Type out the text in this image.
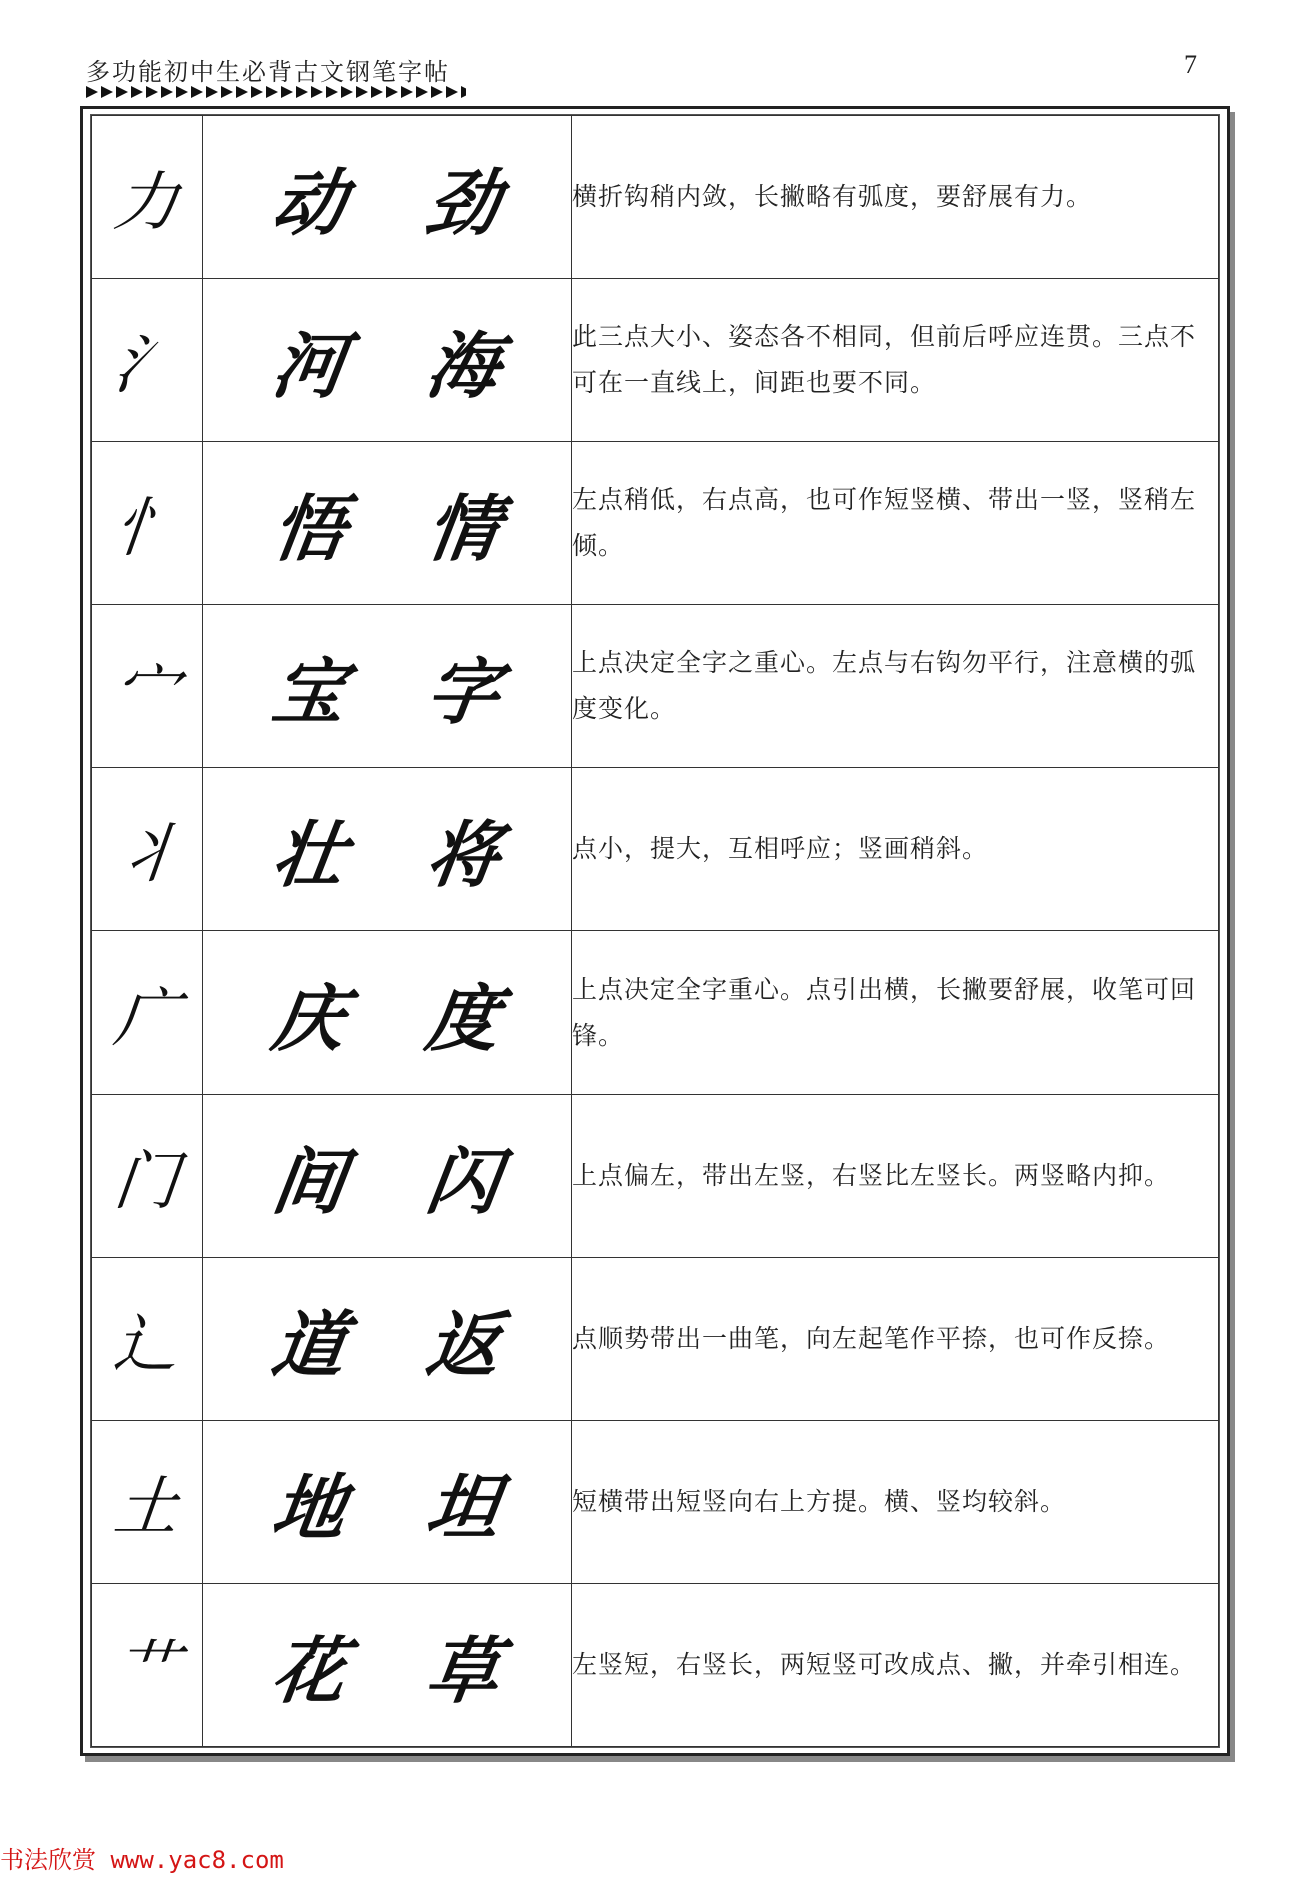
多功能初中生必背古文钢笔字帖	7
力	动 劲	横折钩稍内敛，长撇略有弧度，要舒展有力。

氵	河 海	此三点大小、姿态各不相同，但前后呼应连贯。三点不可在一直线上，间距也要不同。

忄	悟 情	左点稍低，右点高，也可作短竖横、带出一竖，竖稍左倾。

宀	宝 字	上点决定全字之重心。左点与右钩勿平行，注意横的弧度变化。

丬	壮 将	点小，提大，互相呼应；竖画稍斜。

广	庆 度	上点决定全字重心。点引出横，长撇要舒展，收笔可回锋。

门	间 闪	上点偏左，带出左竖，右竖比左竖长。两竖略内抑。

辶	道 返	点顺势带出一曲笔，向左起笔作平捺，也可作反捺。

土	地 坦	短横带出短竖向右上方提。横、竖均较斜。

艹	花 草	左竖短，右竖长，两短竖可改成点、撇，并牵引相连。
书法欣赏 www.yac8.com
